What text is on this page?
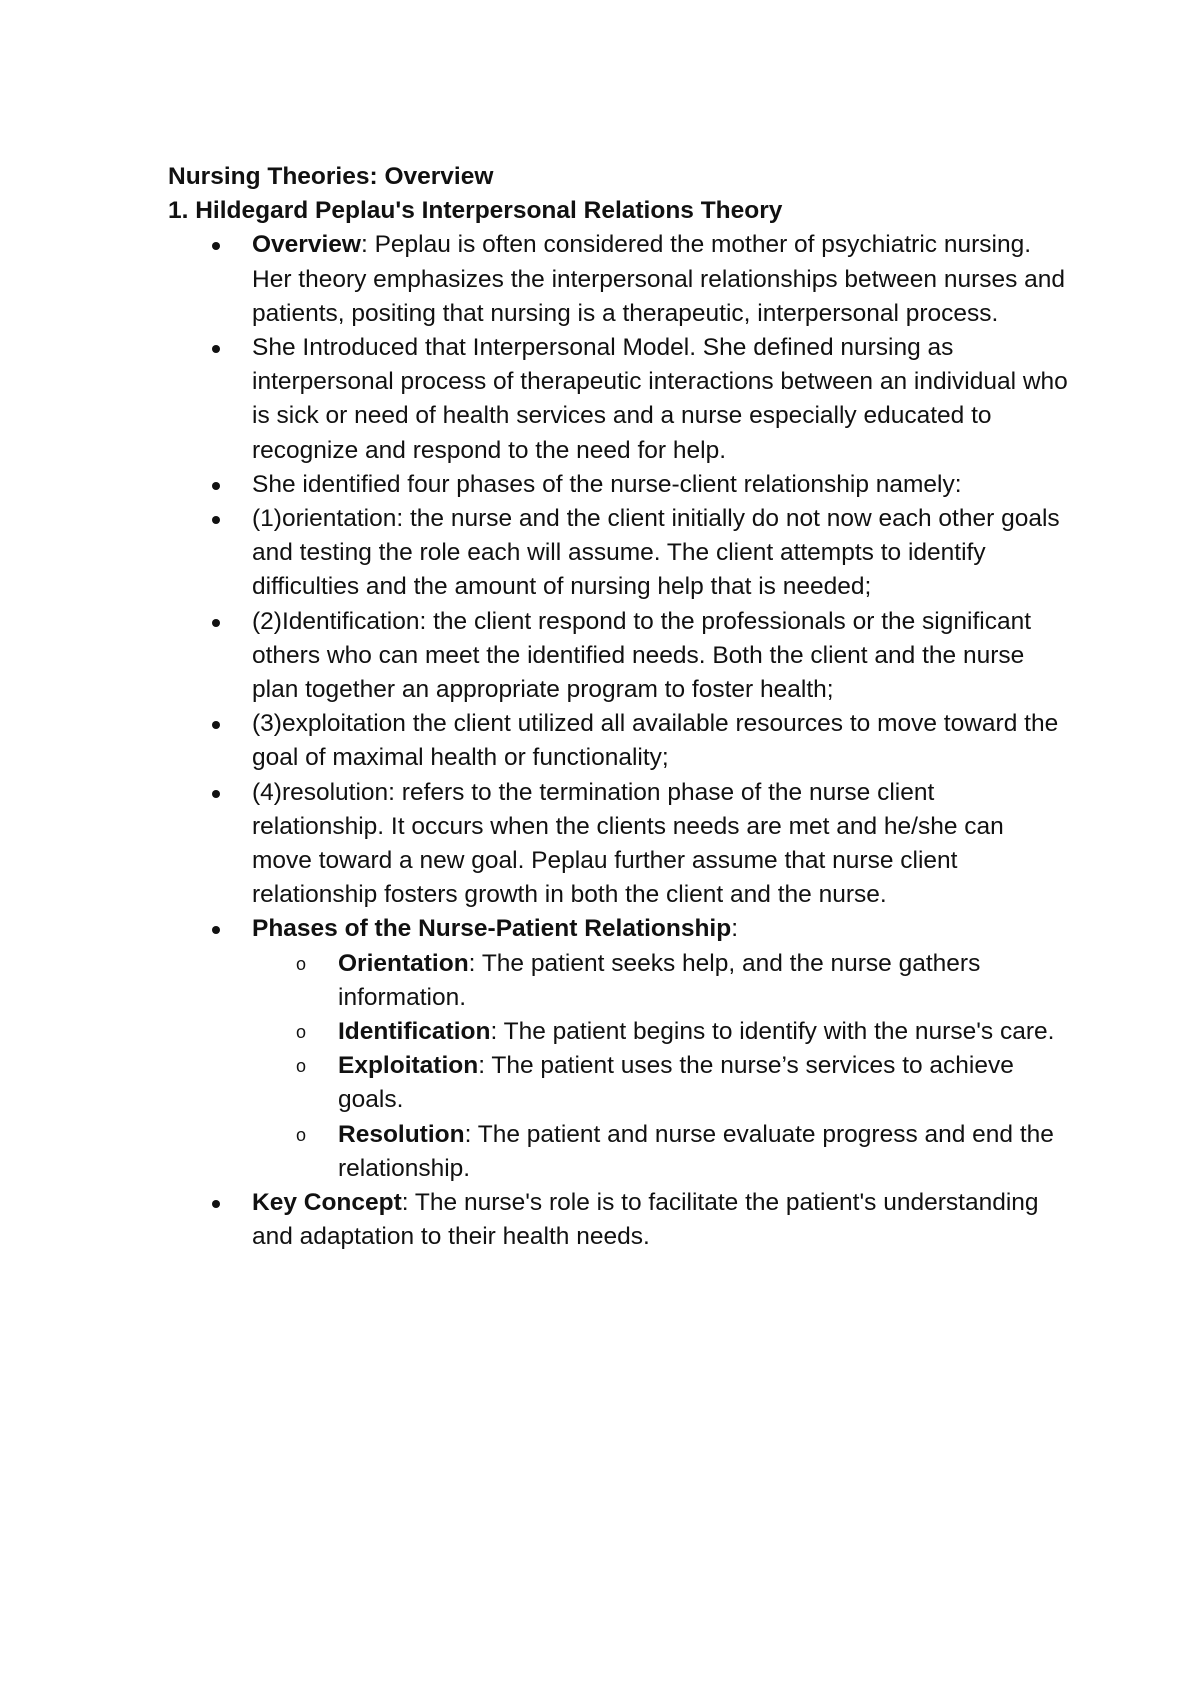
Nursing Theories: Overview

1. Hildegard Peplau's Interpersonal Relations Theory

Overview: Peplau is often considered the mother of psychiatric nursing. Her theory emphasizes the interpersonal relationships between nurses and patients, positing that nursing is a therapeutic, interpersonal process.
She Introduced that Interpersonal Model. She defined nursing as interpersonal process of therapeutic interactions between an individual who is sick or need of health services and a nurse especially educated to recognize and respond to the need for help.
She identified four phases of the nurse-client relationship namely:
(1)orientation: the nurse and the client initially do not now each other goals and testing the role each will assume. The client attempts to identify difficulties and the amount of nursing help that is needed;
(2)Identification: the client respond to the professionals or the significant others who can meet the identified needs. Both the client and the nurse plan together an appropriate program to foster health;
(3)exploitation the client utilized all available resources to move toward the goal of maximal health or functionality;
(4)resolution: refers to the termination phase of the nurse client relationship. It occurs when the clients needs are met and he/she can move toward a new goal. Peplau further assume that nurse client relationship fosters growth in both the client and the nurse.
Phases of the Nurse-Patient Relationship:
o Orientation: The patient seeks help, and the nurse gathers information.
o Identification: The patient begins to identify with the nurse's care.
o Exploitation: The patient uses the nurse’s services to achieve goals.
o Resolution: The patient and nurse evaluate progress and end the relationship.
Key Concept: The nurse's role is to facilitate the patient's understanding and adaptation to their health needs.
